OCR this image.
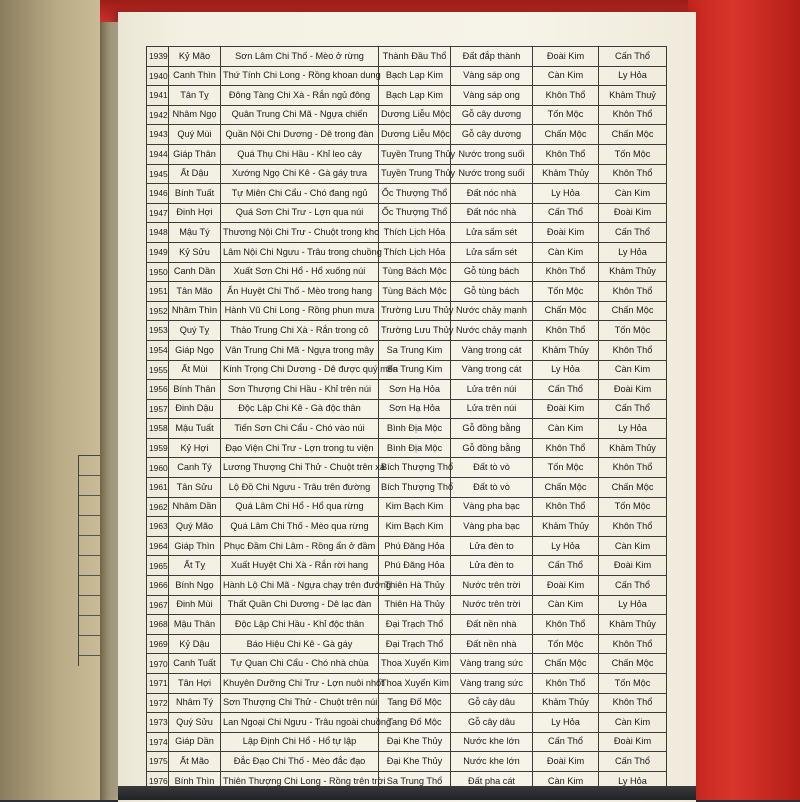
1939	Kỷ Mão	Sơn Lâm Chi Thố - Mèo ở rừng	Thành Đầu Thổ	Đất đắp thành	Đoài Kim	Cấn Thổ
1940	Canh Thìn	Thứ Tính Chi Long - Rồng khoan dung	Bạch Lạp Kim	Vàng sáp ong	Càn Kim	Ly Hỏa
1941	Tân Tỵ	Đông Tàng Chi Xà - Rắn ngủ đông	Bạch Lạp Kim	Vàng sáp ong	Khôn Thổ	Khảm Thuỷ
1942	Nhâm Ngọ	Quân Trung Chi Mã - Ngựa chiến	Dương Liễu Mộc	Gỗ cây dương	Tốn Mộc	Khôn Thổ
1943	Quý Mùi	Quần Nội Chi Dương - Dê trong đàn	Dương Liễu Mộc	Gỗ cây dương	Chấn Mộc	Chấn Mộc
1944	Giáp Thân	Quá Thụ Chi Hầu - Khỉ leo cây	Tuyền Trung Thủy	Nước trong suối	Khôn Thổ	Tốn Mộc
1945	Ất Dậu	Xướng Ngọ Chi Kê - Gà gáy trưa	Tuyền Trung Thủy	Nước trong suối	Khảm Thủy	Khôn Thổ
1946	Bính Tuất	Tự Miên Chi Cẩu - Chó đang ngủ	Ốc Thượng Thổ	Đất nóc nhà	Ly Hỏa	Càn Kim
1947	Đinh Hợi	Quá Sơn Chi Trư - Lợn qua núi	Ốc Thượng Thổ	Đất nóc nhà	Cấn Thổ	Đoài Kim
1948	Mậu Tý	Thương Nội Chi Trư - Chuột trong kho	Thích Lịch Hỏa	Lửa sấm sét	Đoài Kim	Cấn Thổ
1949	Kỷ Sửu	Lâm Nội Chi Ngưu - Trâu trong chuồng	Thích Lịch Hỏa	Lửa sấm sét	Càn Kim	Ly Hỏa
1950	Canh Dần	Xuất Sơn Chi Hổ - Hổ xuống núi	Tùng Bách Mộc	Gỗ tùng bách	Khôn Thổ	Khảm Thủy
1951	Tân Mão	Ẩn Huyệt Chi Thố - Mèo trong hang	Tùng Bách Mộc	Gỗ tùng bách	Tốn Mộc	Khôn Thổ
1952	Nhâm Thìn	Hành Vũ Chi Long - Rồng phun mưa	Trường Lưu Thủy	Nước chảy mạnh	Chấn Mộc	Chấn Mộc
1953	Quý Tỵ	Thảo Trung Chi Xà - Rắn trong cỏ	Trường Lưu Thủy	Nước chảy mạnh	Khôn Thổ	Tốn Mộc
1954	Giáp Ngọ	Vân Trung Chi Mã - Ngựa trong mây	Sa Trung Kim	Vàng trong cát	Khảm Thủy	Khôn Thổ
1955	Ất Mùi	Kính Trọng Chi Dương - Dê được quý mến	Sa Trung Kim	Vàng trong cát	Ly Hỏa	Càn Kim
1956	Bính Thân	Sơn Thượng Chi Hầu - Khỉ trên núi	Sơn Hạ Hỏa	Lửa trên núi	Cấn Thổ	Đoài Kim
1957	Đinh Dậu	Độc Lập Chi Kê - Gà độc thân	Sơn Hạ Hỏa	Lửa trên núi	Đoài Kim	Cấn Thổ
1958	Mậu Tuất	Tiến Sơn Chi Cẩu - Chó vào núi	Bình Địa Mộc	Gỗ đồng bằng	Càn Kim	Ly Hỏa
1959	Kỷ Hợi	Đạo Viện Chi Trư - Lợn trong tu viện	Bình Địa Mộc	Gỗ đồng bằng	Khôn Thổ	Khảm Thủy
1960	Canh Tý	Lương Thượng Chi Thử - Chuột trên xà	Bích Thượng Thổ	Đất tò vò	Tốn Mộc	Khôn Thổ
1961	Tân Sửu	Lộ Đồ Chi Ngưu - Trâu trên đường	Bích Thượng Thổ	Đất tò vò	Chấn Mộc	Chấn Mộc
1962	Nhâm Dần	Quá Lâm Chi Hổ - Hổ qua rừng	Kim Bạch Kim	Vàng pha bạc	Khôn Thổ	Tốn Mộc
1963	Quý Mão	Quá Lâm Chi Thố - Mèo qua rừng	Kim Bạch Kim	Vàng pha bạc	Khảm Thủy	Khôn Thổ
1964	Giáp Thìn	Phục Đầm Chi Lâm - Rồng ẩn ở đầm	Phú Đăng Hỏa	Lửa đèn to	Ly Hỏa	Càn Kim
1965	Ất Tỵ	Xuất Huyệt Chi Xà - Rắn rời hang	Phú Đăng Hỏa	Lửa đèn to	Cấn Thổ	Đoài Kim
1966	Bính Ngọ	Hành Lộ Chi Mã - Ngựa chạy trên đường	Thiên Hà Thủy	Nước trên trời	Đoài Kim	Cấn Thổ
1967	Đinh Mùi	Thất Quần Chi Dương - Dê lạc đàn	Thiên Hà Thủy	Nước trên trời	Càn Kim	Ly Hỏa
1968	Mậu Thân	Độc Lập Chi Hầu - Khỉ độc thân	Đại Trạch Thổ	Đất nền nhà	Khôn Thổ	Khảm Thủy
1969	Kỷ Dậu	Báo Hiệu Chi Kê - Gà gáy	Đại Trạch Thổ	Đất nền nhà	Tốn Mộc	Khôn Thổ
1970	Canh Tuất	Tự Quan Chi Cẩu - Chó nhà chùa	Thoa Xuyến Kim	Vàng trang sức	Chấn Mộc	Chấn Mộc
1971	Tân Hợi	Khuyên Dưỡng Chi Trư - Lợn nuôi nhốt	Thoa Xuyến Kim	Vàng trang sức	Khôn Thổ	Tốn Mộc
1972	Nhâm Tý	Sơn Thượng Chi Thử - Chuột trên núi	Tang Đố Mộc	Gỗ cây dâu	Khảm Thủy	Khôn Thổ
1973	Quý Sửu	Lan Ngoại Chi Ngưu - Trâu ngoài chuồng	Tang Đố Mộc	Gỗ cây dâu	Ly Hỏa	Càn Kim
1974	Giáp Dần	Lập Định Chi Hổ - Hổ tự lập	Đại Khe Thủy	Nước khe lớn	Cấn Thổ	Đoài Kim
1975	Ất Mão	Đắc Đạo Chi Thố - Mèo đắc đạo	Đại Khe Thủy	Nước khe lớn	Đoài Kim	Cấn Thổ
1976	Bính Thìn	Thiên Thượng Chi Long - Rồng trên trời	Sa Trung Thổ	Đất pha cát	Càn Kim	Ly Hỏa
